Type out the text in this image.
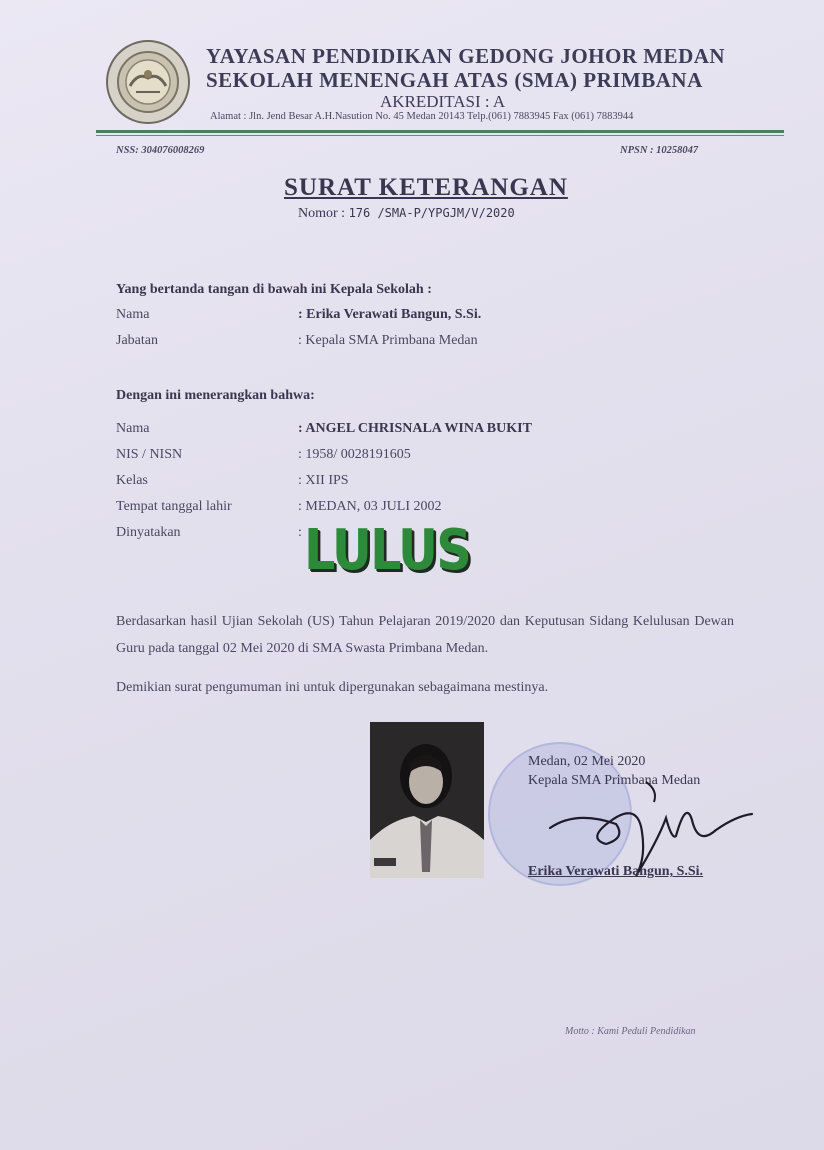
YAYASAN PENDIDIKAN GEDONG JOHOR MEDAN
SEKOLAH MENENGAH ATAS (SMA) PRIMBANA
AKREDITASI : A
Alamat : Jln. Jend Besar A.H.Nasution No. 45 Medan 20143 Telp.(061) 7883945 Fax (061) 7883944
NSS: 304076008269	NPSN : 10258047
SURAT KETERANGAN
Nomor : 176 /SMA-P/YPGJM/V/2020
Yang bertanda tangan di bawah ini Kepala Sekolah :
Nama	: Erika Verawati Bangun, S.Si.
Jabatan	: Kepala SMA Primbana Medan
Dengan ini menerangkan bahwa:
Nama	: ANGEL CHRISNALA WINA BUKIT
NIS / NISN	: 1958/ 0028191605
Kelas	: XII IPS
Tempat tanggal lahir	: MEDAN, 03 JULI 2002
Dinyatakan	: LULUS
Berdasarkan hasil Ujian Sekolah (US) Tahun Pelajaran 2019/2020 dan Keputusan Sidang Kelulusan Dewan Guru pada tanggal 02 Mei 2020 di SMA Swasta Primbana Medan.
Demikian surat pengumuman ini untuk dipergunakan sebagaimana mestinya.
Medan, 02 Mei 2020
Kepala SMA Primbana Medan
Erika Verawati Bangun, S.Si.
Motto : Kami Peduli Pendidikan
